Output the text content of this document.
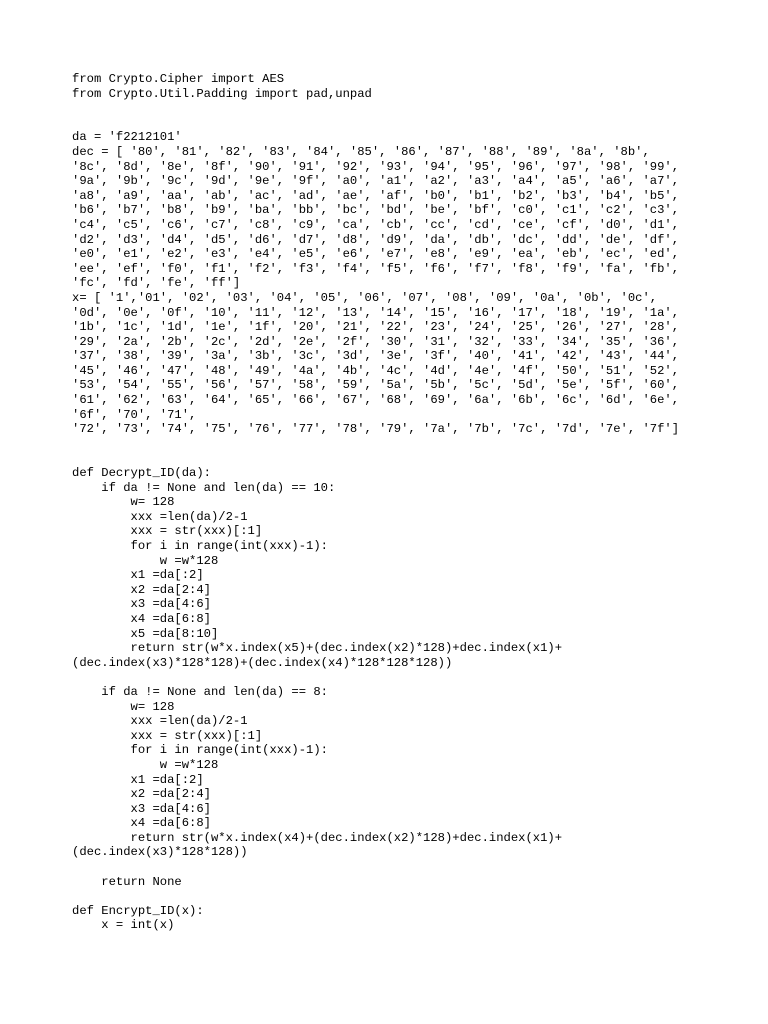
from Crypto.Cipher import AES
from Crypto.Util.Padding import pad,unpad
da = 'f2212101'
dec = [ '80', '81', '82', '83', '84', '85', '86', '87', '88', '89', '8a', '8b',
'8c', '8d', '8e', '8f', '90', '91', '92', '93', '94', '95', '96', '97', '98', '99',
'9a', '9b', '9c', '9d', '9e', '9f', 'a0', 'a1', 'a2', 'a3', 'a4', 'a5', 'a6', 'a7',
'a8', 'a9', 'aa', 'ab', 'ac', 'ad', 'ae', 'af', 'b0', 'b1', 'b2', 'b3', 'b4', 'b5',
'b6', 'b7', 'b8', 'b9', 'ba', 'bb', 'bc', 'bd', 'be', 'bf', 'c0', 'c1', 'c2', 'c3',
'c4', 'c5', 'c6', 'c7', 'c8', 'c9', 'ca', 'cb', 'cc', 'cd', 'ce', 'cf', 'd0', 'd1',
'd2', 'd3', 'd4', 'd5', 'd6', 'd7', 'd8', 'd9', 'da', 'db', 'dc', 'dd', 'de', 'df',
'e0', 'e1', 'e2', 'e3', 'e4', 'e5', 'e6', 'e7', 'e8', 'e9', 'ea', 'eb', 'ec', 'ed',
'ee', 'ef', 'f0', 'f1', 'f2', 'f3', 'f4', 'f5', 'f6', 'f7', 'f8', 'f9', 'fa', 'fb',
'fc', 'fd', 'fe', 'ff']
x= [ '1','01', '02', '03', '04', '05', '06', '07', '08', '09', '0a', '0b', '0c',
'0d', '0e', '0f', '10', '11', '12', '13', '14', '15', '16', '17', '18', '19', '1a',
'1b', '1c', '1d', '1e', '1f', '20', '21', '22', '23', '24', '25', '26', '27', '28',
'29', '2a', '2b', '2c', '2d', '2e', '2f', '30', '31', '32', '33', '34', '35', '36',
'37', '38', '39', '3a', '3b', '3c', '3d', '3e', '3f', '40', '41', '42', '43', '44',
'45', '46', '47', '48', '49', '4a', '4b', '4c', '4d', '4e', '4f', '50', '51', '52',
'53', '54', '55', '56', '57', '58', '59', '5a', '5b', '5c', '5d', '5e', '5f', '60',
'61', '62', '63', '64', '65', '66', '67', '68', '69', '6a', '6b', '6c', '6d', '6e',
'6f', '70', '71',
'72', '73', '74', '75', '76', '77', '78', '79', '7a', '7b', '7c', '7d', '7e', '7f']
def Decrypt_ID(da):
if da != None and len(da) == 10:
w= 128
xxx =len(da)/2-1
xxx = str(xxx)[:1]
for i in range(int(xxx)-1):
w =w*128
x1 =da[:2]
x2 =da[2:4]
x3 =da[4:6]
x4 =da[6:8]
x5 =da[8:10]
return str(w*x.index(x5)+(dec.index(x2)*128)+dec.index(x1)+
(dec.index(x3)*128*128)+(dec.index(x4)*128*128*128))
if da != None and len(da) == 8:
w= 128
xxx =len(da)/2-1
xxx = str(xxx)[:1]
for i in range(int(xxx)-1):
w =w*128
x1 =da[:2]
x2 =da[2:4]
x3 =da[4:6]
x4 =da[6:8]
return str(w*x.index(x4)+(dec.index(x2)*128)+dec.index(x1)+
(dec.index(x3)*128*128))
return None
def Encrypt_ID(x):
x = int(x)
